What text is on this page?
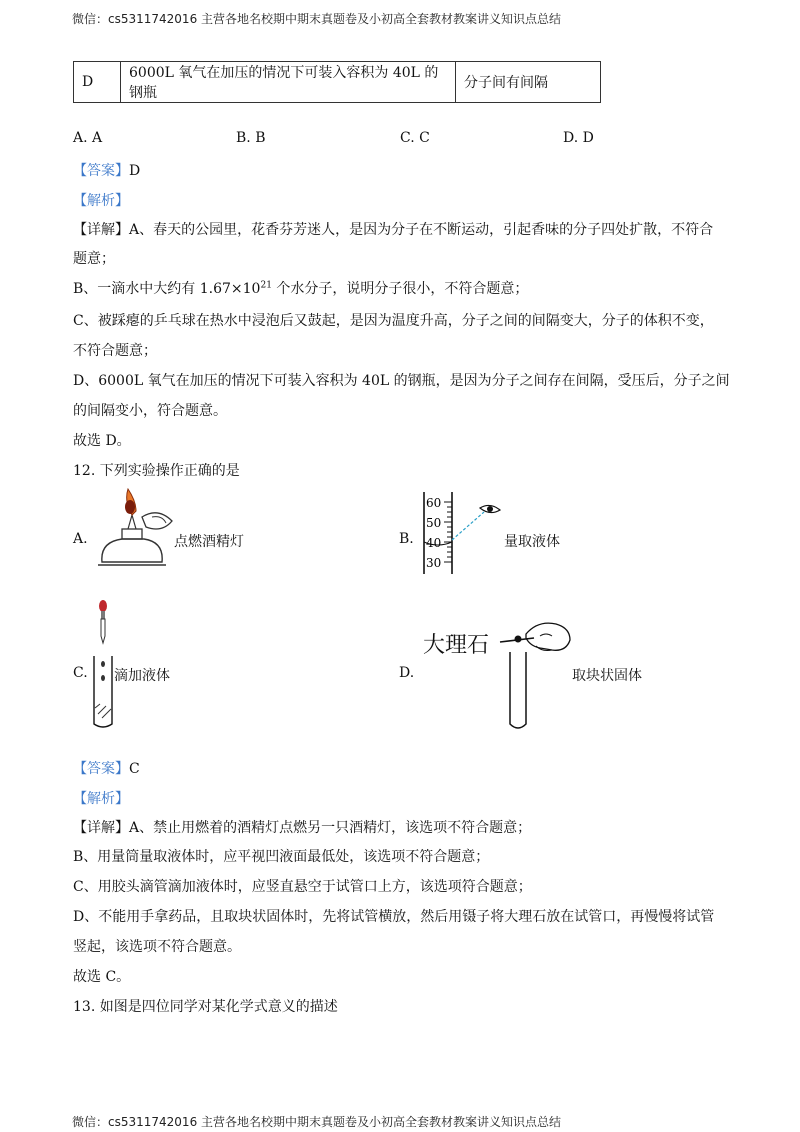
微信：cs5311742016 主营各地名校期中期末真题卷及小初高全套教材教案讲义知识点总结
D	6000L 氧气在加压的情况下可装入容积为 40L 的钢瓶	分子间有间隔
A. A	B. B	C. C	D. D
【答案】D
【解析】
【详解】A、春天的公园里，花香芬芳迷人，是因为分子在不断运动，引起香味的分子四处扩散，不符合
题意；
B、一滴水中大约有 $1.67\times 10^{21}$ 个水分子，说明分子很小，不符合题意；
C、被踩瘪的乒乓球在热水中浸泡后又鼓起，是因为温度升高，分子之间的间隔变大，分子的体积不变，
不符合题意；
D、6000L 氧气在加压的情况下可装入容积为 40L 的钢瓶，是因为分子之间存在间隔，受压后，分子之间
的间隔变小，符合题意。
故选 D。
12. 下列实验操作正确的是
A.	点燃酒精灯	B.
60
50
40
30
量取液体
C. 滴加液体	D.
大理石
取块状固体
【答案】C
【解析】
【详解】A、禁止用燃着的酒精灯点燃另一只酒精灯，该选项不符合题意；
B、用量筒量取液体时，应平视凹液面最低处，该选项不符合题意；
C、用胶头滴管滴加液体时，应竖直悬空于试管口上方，该选项符合题意；
D、不能用手拿药品，且取块状固体时，先将试管横放，然后用镊子将大理石放在试管口，再慢慢将试管
竖起，该选项不符合题意。
故选 C。
13. 如图是四位同学对某化学式意义的描述
微信：cs5311742016 主营各地名校期中期末真题卷及小初高全套教材教案讲义知识点总结
